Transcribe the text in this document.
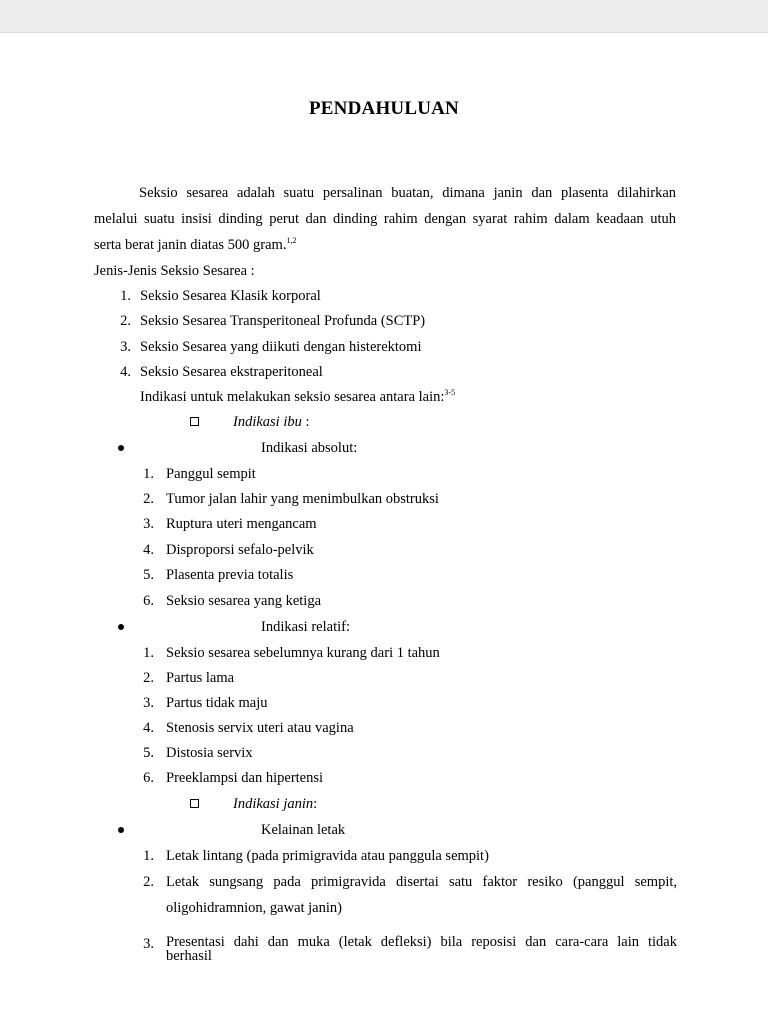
PENDAHULUAN
Seksio sesarea adalah suatu persalinan buatan, dimana janin dan plasenta dilahirkan
melalui suatu insisi dinding perut dan dinding rahim dengan syarat rahim dalam keadaan utuh
serta berat janin diatas 500 gram.$^{1,2}$
Jenis-Jenis Seksio Sesarea :
1. Seksio Sesarea Klasik korporal
2. Seksio Sesarea Transperitoneal Profunda (SCTP)
3. Seksio Sesarea yang diikuti dengan histerektomi
4. Seksio Sesarea ekstraperitoneal
Indikasi untuk melakukan seksio sesarea antara lain:$^{3-5}$
Indikasi ibu :
Indikasi absolut:
1. Panggul sempit
2. Tumor jalan lahir yang menimbulkan obstruksi
3. Ruptura uteri mengancam
4. Disproporsi sefalo-pelvik
5. Plasenta previa totalis
6. Seksio sesarea yang ketiga
Indikasi relatif:
1. Seksio sesarea sebelumnya kurang dari 1 tahun
2. Partus lama
3. Partus tidak maju
4. Stenosis servix uteri atau vagina
5. Distosia servix
6. Preeklampsi dan hipertensi
Indikasi janin:
Kelainan letak
1. Letak lintang (pada primigravida atau panggula sempit)
2. Letak sungsang pada primigravida disertai satu faktor resiko (panggul sempit,
oligohidramnion, gawat janin)
3. Presentasi dahi dan muka (letak defleksi) bila reposisi dan cara-cara lain tidak
berhasil
